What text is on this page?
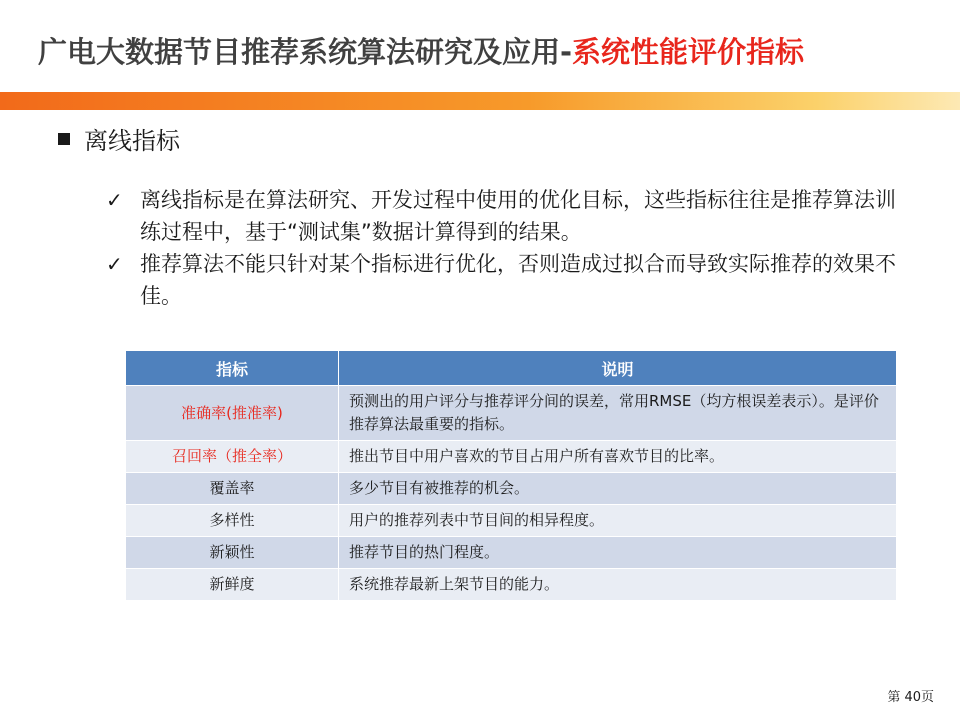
广电大数据节目推荐系统算法研究及应用-系统性能评价指标
离线指标
✓ 离线指标是在算法研究、开发过程中使用的优化目标，这些指标往往是推荐算法训练过程中，基于“测试集”数据计算得到的结果。
✓ 推荐算法不能只针对某个指标进行优化，否则造成过拟合而导致实际推荐的效果不佳。
指标	说明
准确率(推准率)	预测出的用户评分与推荐评分间的误差，常用RMSE（均方根误差表示）。是评价推荐算法最重要的指标。
召回率（推全率）	推出节目中用户喜欢的节目占用户所有喜欢节目的比率。
覆盖率	多少节目有被推荐的机会。
多样性	用户的推荐列表中节目间的相异程度。
新颖性	推荐节目的热门程度。
新鲜度	系统推荐最新上架节目的能力。
第 40页
